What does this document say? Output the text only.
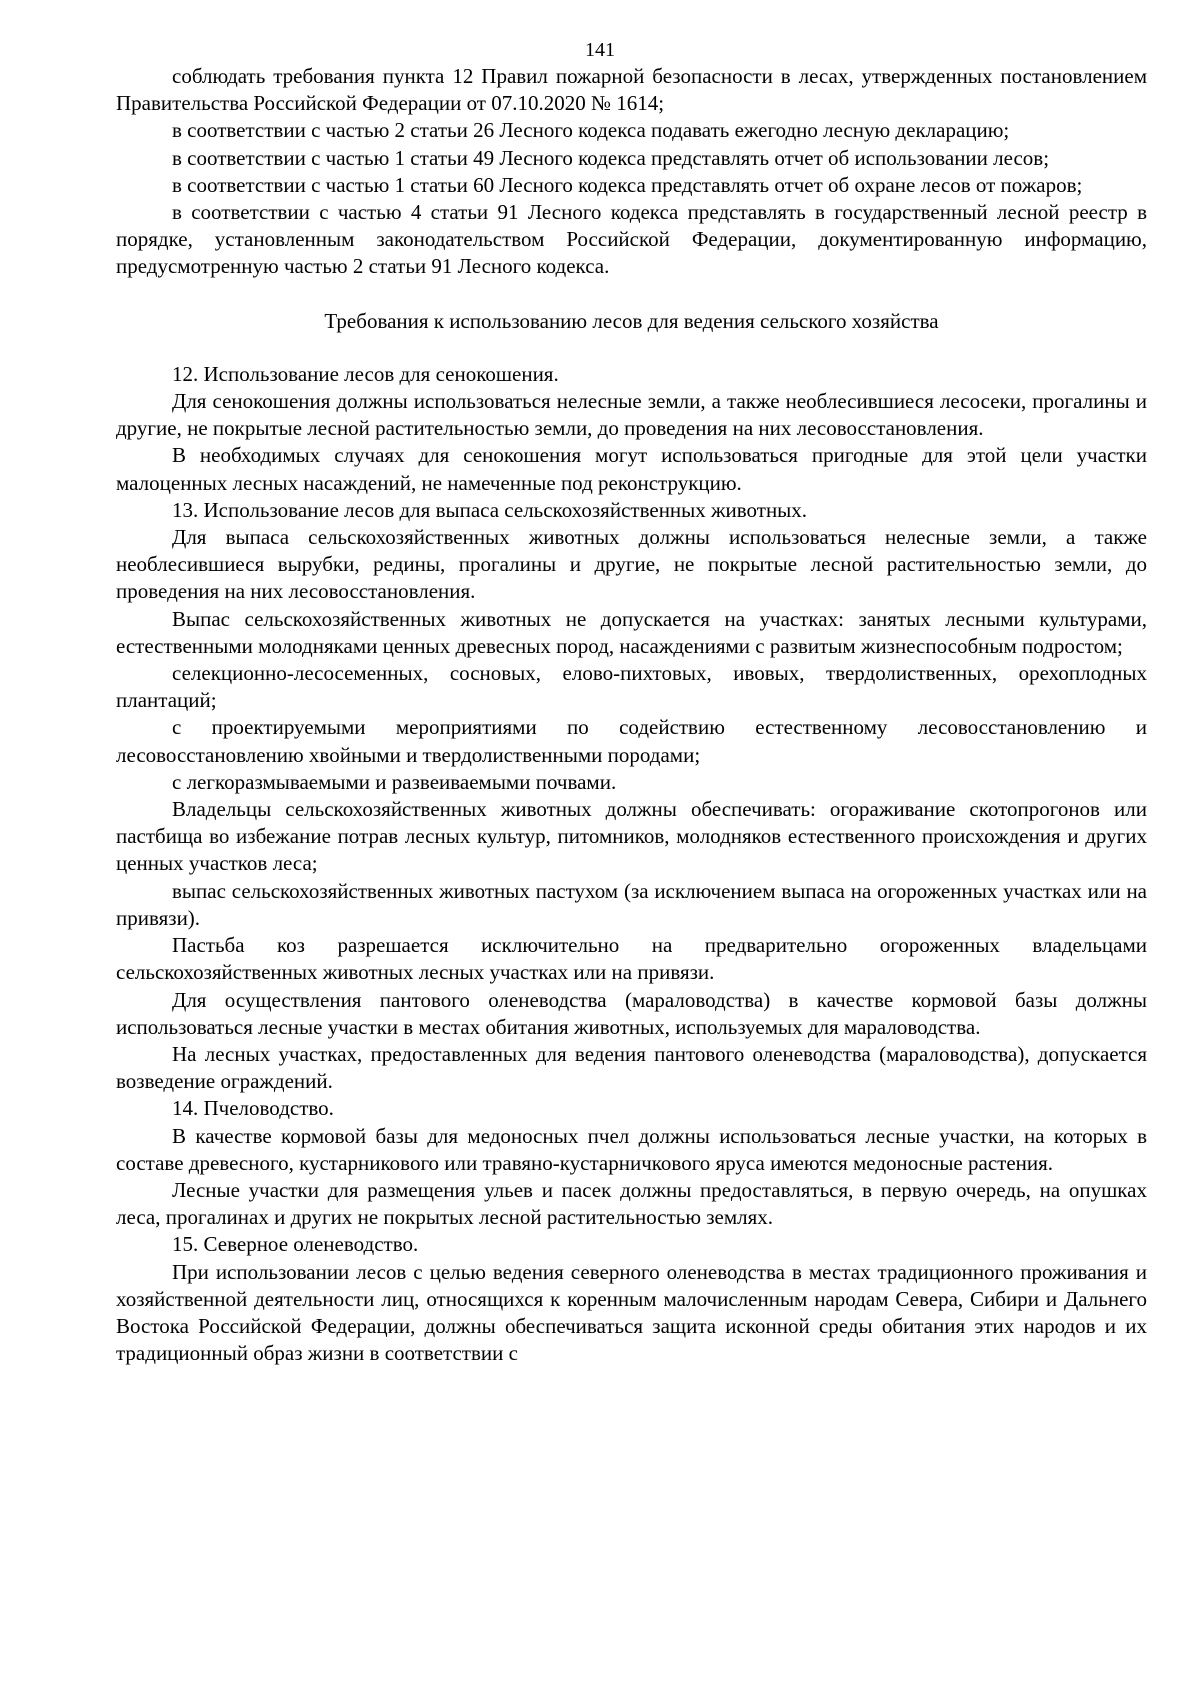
141

соблюдать требования пункта 12 Правил пожарной безопасности в лесах, утвержденных постановлением Правительства Российской Федерации от 07.10.2020 № 1614;

в соответствии с частью 2 статьи 26 Лесного кодекса подавать ежегодно лесную декларацию;

в соответствии с частью 1 статьи 49 Лесного кодекса представлять отчет об использовании лесов;

в соответствии с частью 1 статьи 60 Лесного кодекса представлять отчет об охране лесов от пожаров;

в соответствии с частью 4 статьи 91 Лесного кодекса представлять в государственный лесной реестр в порядке, установленным законодательством Российской Федерации, документированную информацию, предусмотренную частью 2 статьи 91 Лесного кодекса.

Требования к использованию лесов для ведения сельского хозяйства

12. Использование лесов для сенокошения.

Для сенокошения должны использоваться нелесные земли, а также необлесившиеся лесосеки, прогалины и другие, не покрытые лесной растительностью земли, до проведения на них лесовосстановления.

В необходимых случаях для сенокошения могут использоваться пригодные для этой цели участки малоценных лесных насаждений, не намеченные под реконструкцию.

13. Использование лесов для выпаса сельскохозяйственных животных.

Для выпаса сельскохозяйственных животных должны использоваться нелесные земли, а также необлесившиеся вырубки, редины, прогалины и другие, не покрытые лесной растительностью земли, до проведения на них лесовосстановления.

Выпас сельскохозяйственных животных не допускается на участках: занятых лесными культурами, естественными молодняками ценных древесных пород, насаждениями с развитым жизнеспособным подростом;

селекционно-лесосеменных, сосновых, елово-пихтовых, ивовых, твердолиственных, орехоплодных плантаций;

с проектируемыми мероприятиями по содействию естественному лесовосстановлению и лесовосстановлению хвойными и твердолиственными породами;

с легкоразмываемыми и развеиваемыми почвами.

Владельцы сельскохозяйственных животных должны обеспечивать: огораживание скотопрогонов или пастбища во избежание потрав лесных культур, питомников, молодняков естественного происхождения и других ценных участков леса;

выпас сельскохозяйственных животных пастухом (за исключением выпаса на огороженных участках или на привязи).

Пастьба коз разрешается исключительно на предварительно огороженных владельцами сельскохозяйственных животных лесных участках или на привязи.

Для осуществления пантового оленеводства (мараловодства) в качестве кормовой базы должны использоваться лесные участки в местах обитания животных, используемых для мараловодства.

На лесных участках, предоставленных для ведения пантового оленеводства (мараловодства), допускается возведение ограждений.

14. Пчеловодство.

В качестве кормовой базы для медоносных пчел должны использоваться лесные участки, на которых в составе древесного, кустарникового или травяно-кустарничкового яруса имеются медоносные растения.

Лесные участки для размещения ульев и пасек должны предоставляться, в первую очередь, на опушках леса, прогалинах и других не покрытых лесной растительностью землях.

15. Северное оленеводство.

При использовании лесов с целью ведения северного оленеводства в местах традиционного проживания и хозяйственной деятельности лиц, относящихся к коренным малочисленным народам Севера, Сибири и Дальнего Востока Российской Федерации, должны обеспечиваться защита исконной среды обитания этих народов и их традиционный образ жизни в соответствии с
